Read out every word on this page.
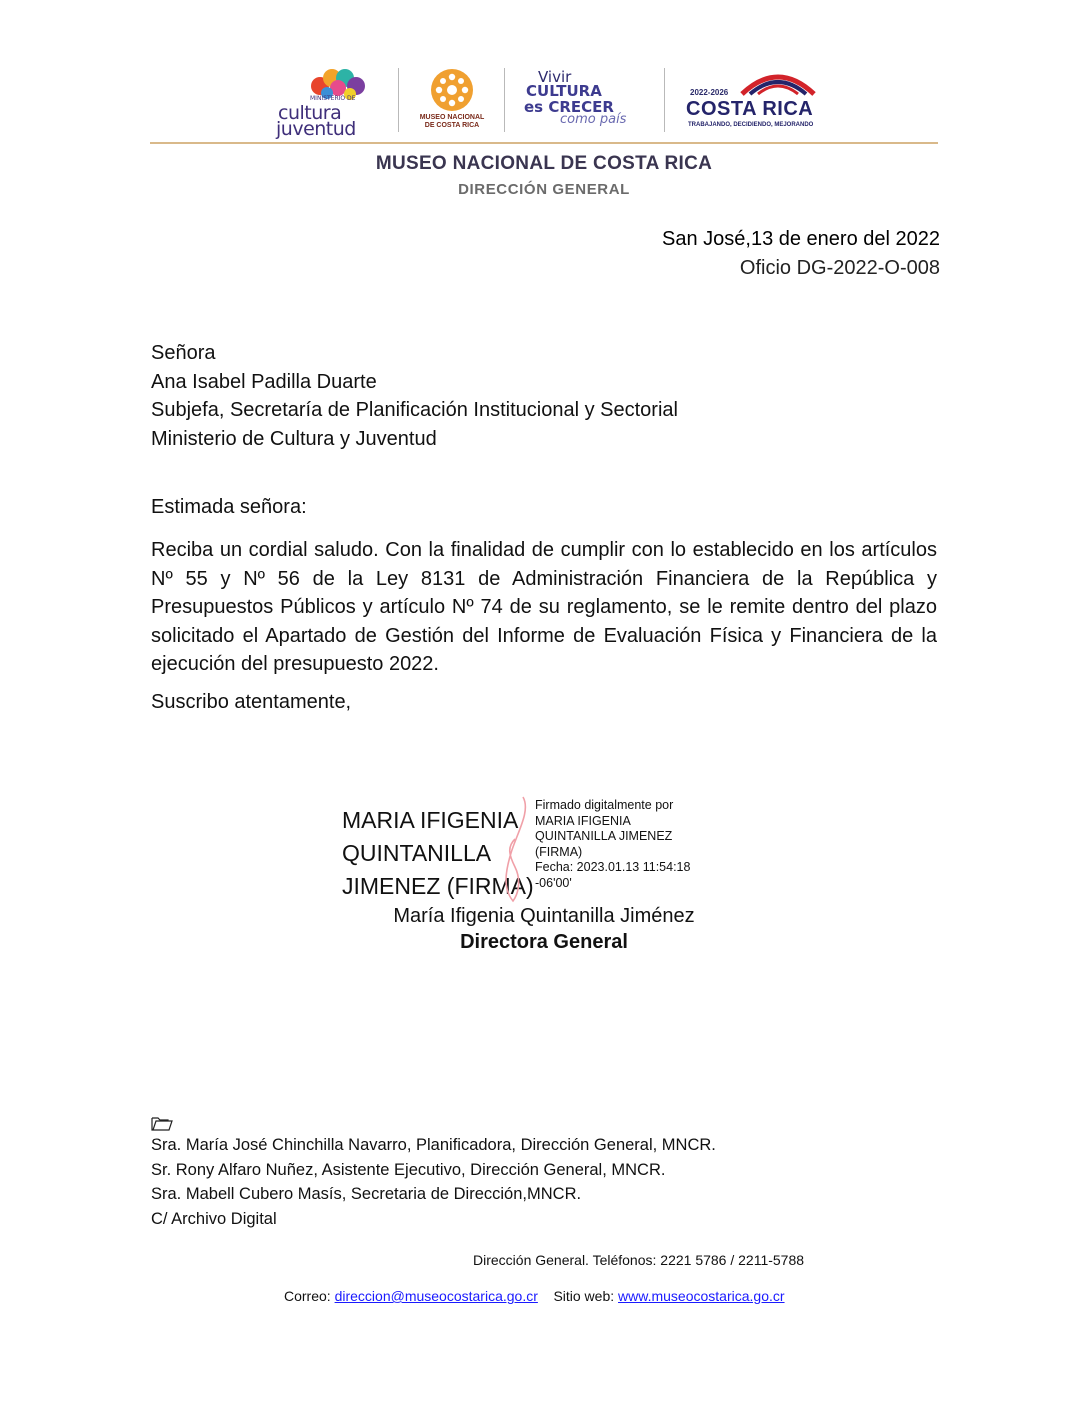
MINISTERIO DE
cultura
juventud
MUSEO NACIONAL
DE COSTA RICA
Vivir
CULTURA
es CRECER
como país
2022-2026
COSTA RICA
TRABAJANDO, DECIDIENDO, MEJORANDO
MUSEO NACIONAL DE COSTA RICA
DIRECCIÓN GENERAL
San José,13 de enero del 2022
Oficio DG-2022-O-008
Señora
Ana Isabel Padilla Duarte
Subjefa, Secretaría de Planificación Institucional y Sectorial
Ministerio de Cultura y Juventud
Estimada señora:
Reciba un cordial saludo. Con la finalidad de cumplir con lo establecido en los artículos Nº 55 y Nº 56 de la Ley 8131 de Administración Financiera de la República y Presupuestos Públicos y artículo Nº 74 de su reglamento, se le remite dentro del plazo solicitado el Apartado de Gestión del Informe de Evaluación Física y Financiera de la ejecución del presupuesto 2022.
Suscribo atentamente,
MARIA IFIGENIA
QUINTANILLA
JIMENEZ (FIRMA)
Firmado digitalmente por
MARIA IFIGENIA
QUINTANILLA JIMENEZ
(FIRMA)
Fecha: 2023.01.13 11:54:18
-06'00'
María Ifigenia Quintanilla Jiménez
Directora General
Sra. María José Chinchilla Navarro, Planificadora, Dirección General, MNCR.
Sr. Rony Alfaro Nuñez, Asistente Ejecutivo, Dirección General, MNCR.
Sra. Mabell Cubero Masís, Secretaria de Dirección,MNCR.
C/ Archivo Digital
Dirección General. Teléfonos: 2221 5786 / 2211-5788
Correo: direccion@museocostarica.go.cr Sitio web: www.museocostarica.go.cr
